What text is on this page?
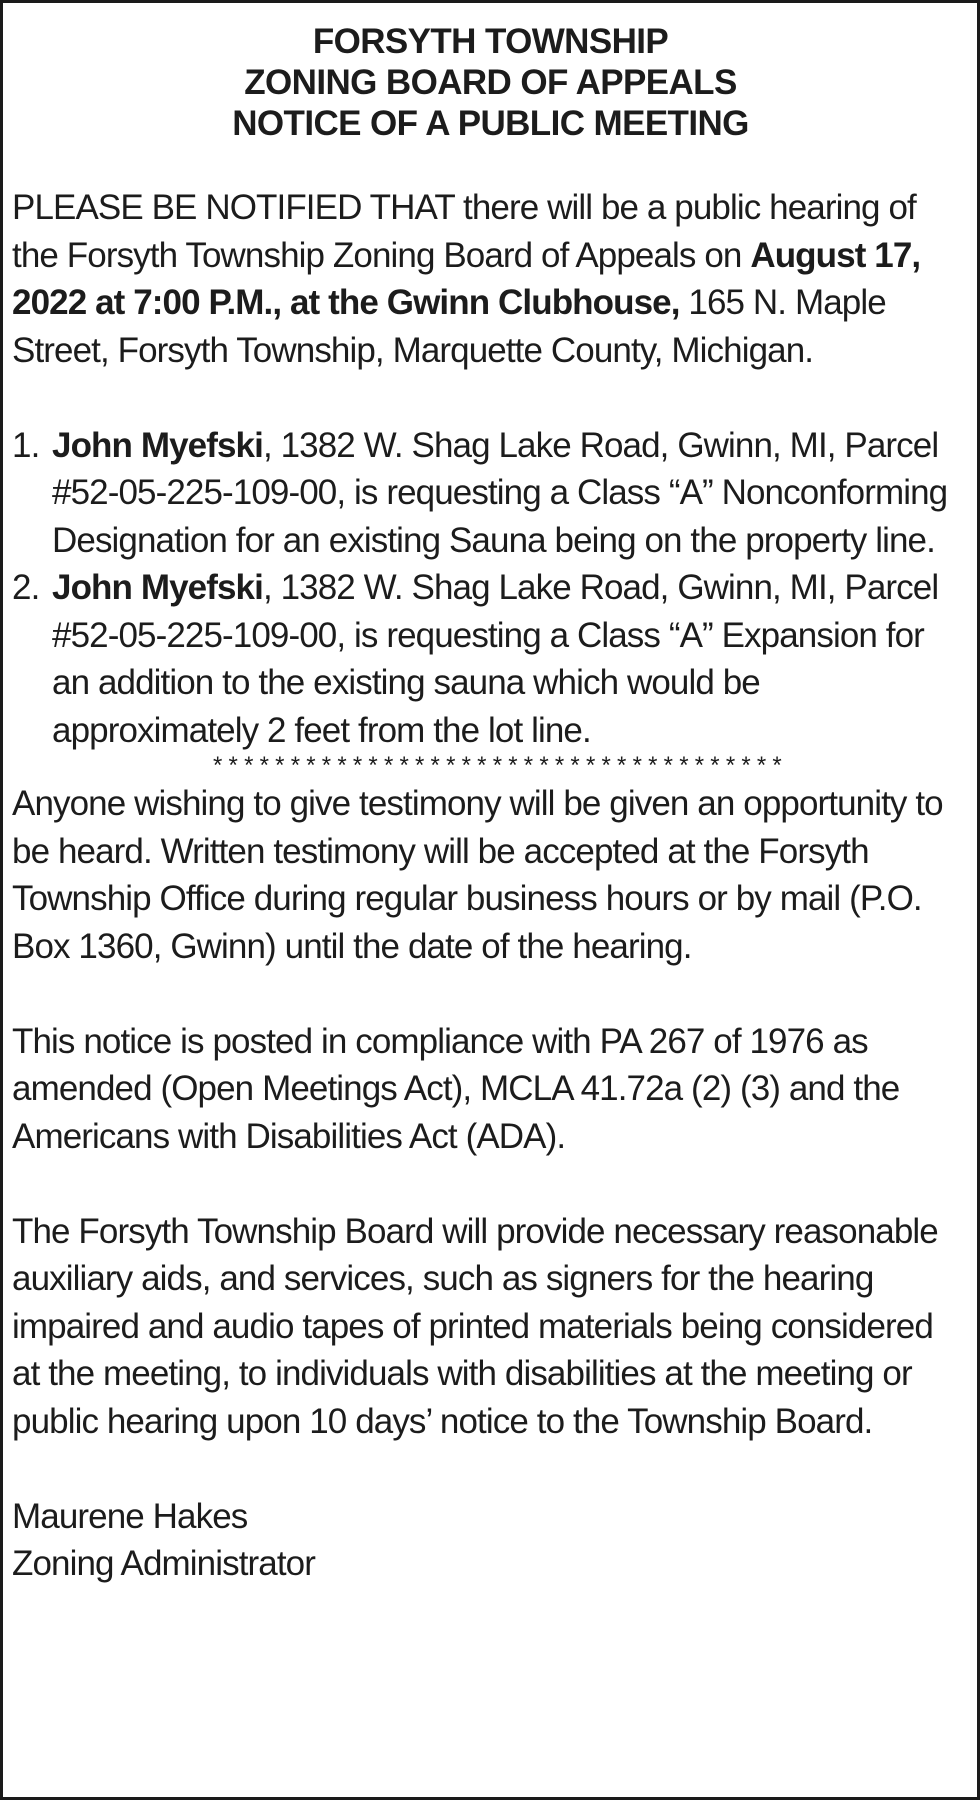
FORSYTH TOWNSHIP
ZONING BOARD OF APPEALS
NOTICE OF A PUBLIC MEETING

PLEASE BE NOTIFIED THAT there will be a public hearing of the Forsyth Township Zoning Board of Appeals on August 17, 2022 at 7:00 P.M., at the Gwinn Clubhouse, 165 N. Maple Street, Forsyth Township, Marquette County, Michigan.

1. John Myefski, 1382 W. Shag Lake Road, Gwinn, MI, Parcel #52-05-225-109-00, is requesting a Class “A” Nonconforming Designation for an existing Sauna being on the property line.
2. John Myefski, 1382 W. Shag Lake Road, Gwinn, MI, Parcel #52-05-225-109-00, is requesting a Class “A” Expansion for an addition to the existing sauna which would be approximately 2 feet from the lot line.
*************************************

Anyone wishing to give testimony will be given an opportunity to be heard. Written testimony will be accepted at the Forsyth Township Office during regular business hours or by mail (P.O. Box 1360, Gwinn) until the date of the hearing.

This notice is posted in compliance with PA 267 of 1976 as amended (Open Meetings Act), MCLA 41.72a (2) (3) and the Americans with Disabilities Act (ADA).

The Forsyth Township Board will provide necessary reasonable auxiliary aids, and services, such as signers for the hearing impaired and audio tapes of printed materials being considered at the meeting, to individuals with disabilities at the meeting or public hearing upon 10 days’ notice to the Township Board.

Maurene Hakes

Zoning Administrator
